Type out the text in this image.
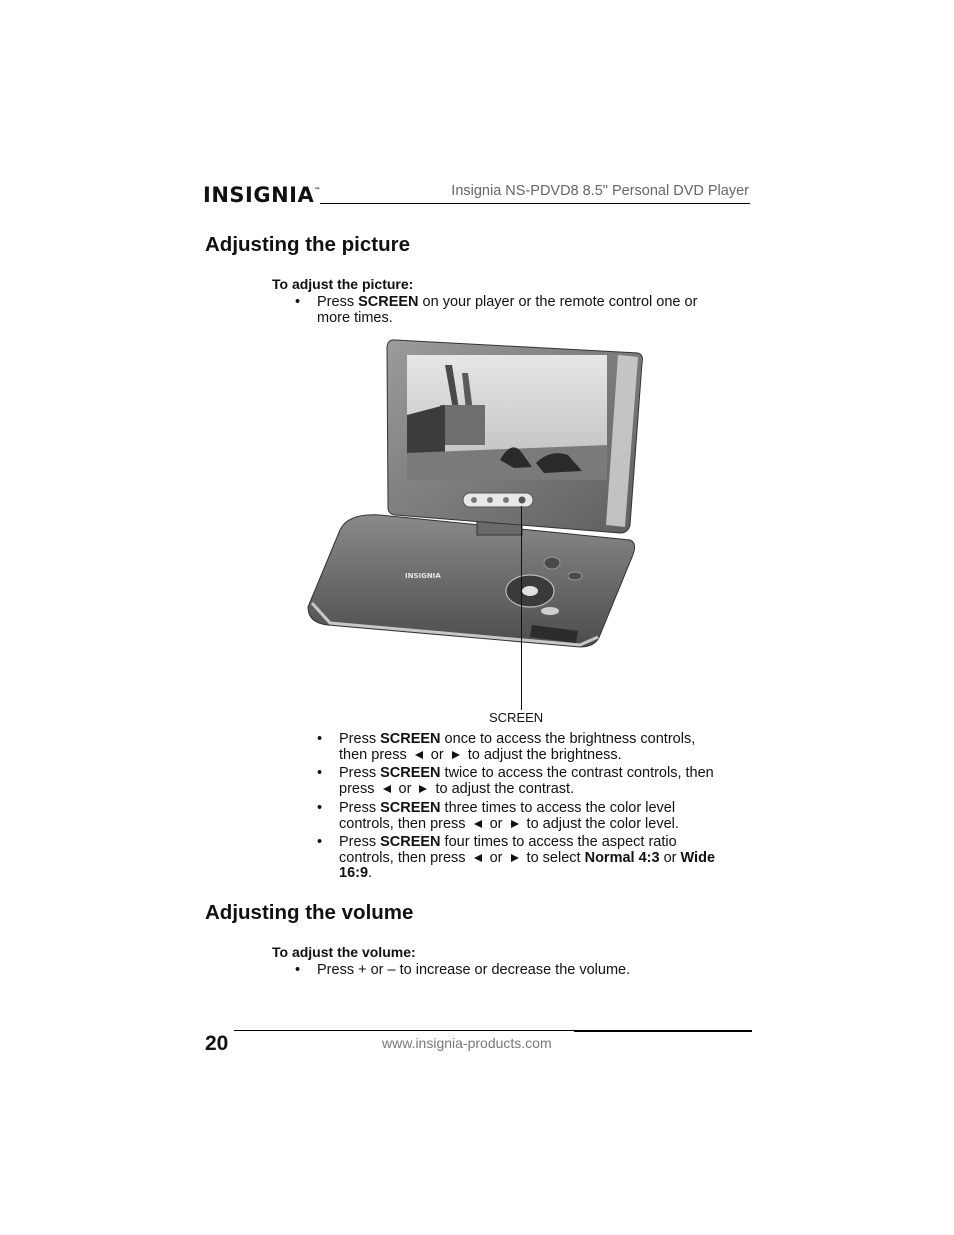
INSIGNIA™	Insignia NS-PDVD8 8.5" Personal DVD Player
Adjusting the picture
To adjust the picture:
• Press SCREEN on your player or the remote control one or
more times.
INSIGNIA
SCREEN
• Press SCREEN once to access the brightness controls,
then press  or  to adjust the brightness.
• Press SCREEN twice to access the contrast controls, then
press  or  to adjust the contrast.
• Press SCREEN three times to access the color level
controls, then press  or  to adjust the color level.
• Press SCREEN four times to access the aspect ratio
controls, then press  or  to select Normal 4:3 or Wide
16:9.
Adjusting the volume
To adjust the volume:
• Press + or – to increase or decrease the volume.
20	www.insignia-products.com
